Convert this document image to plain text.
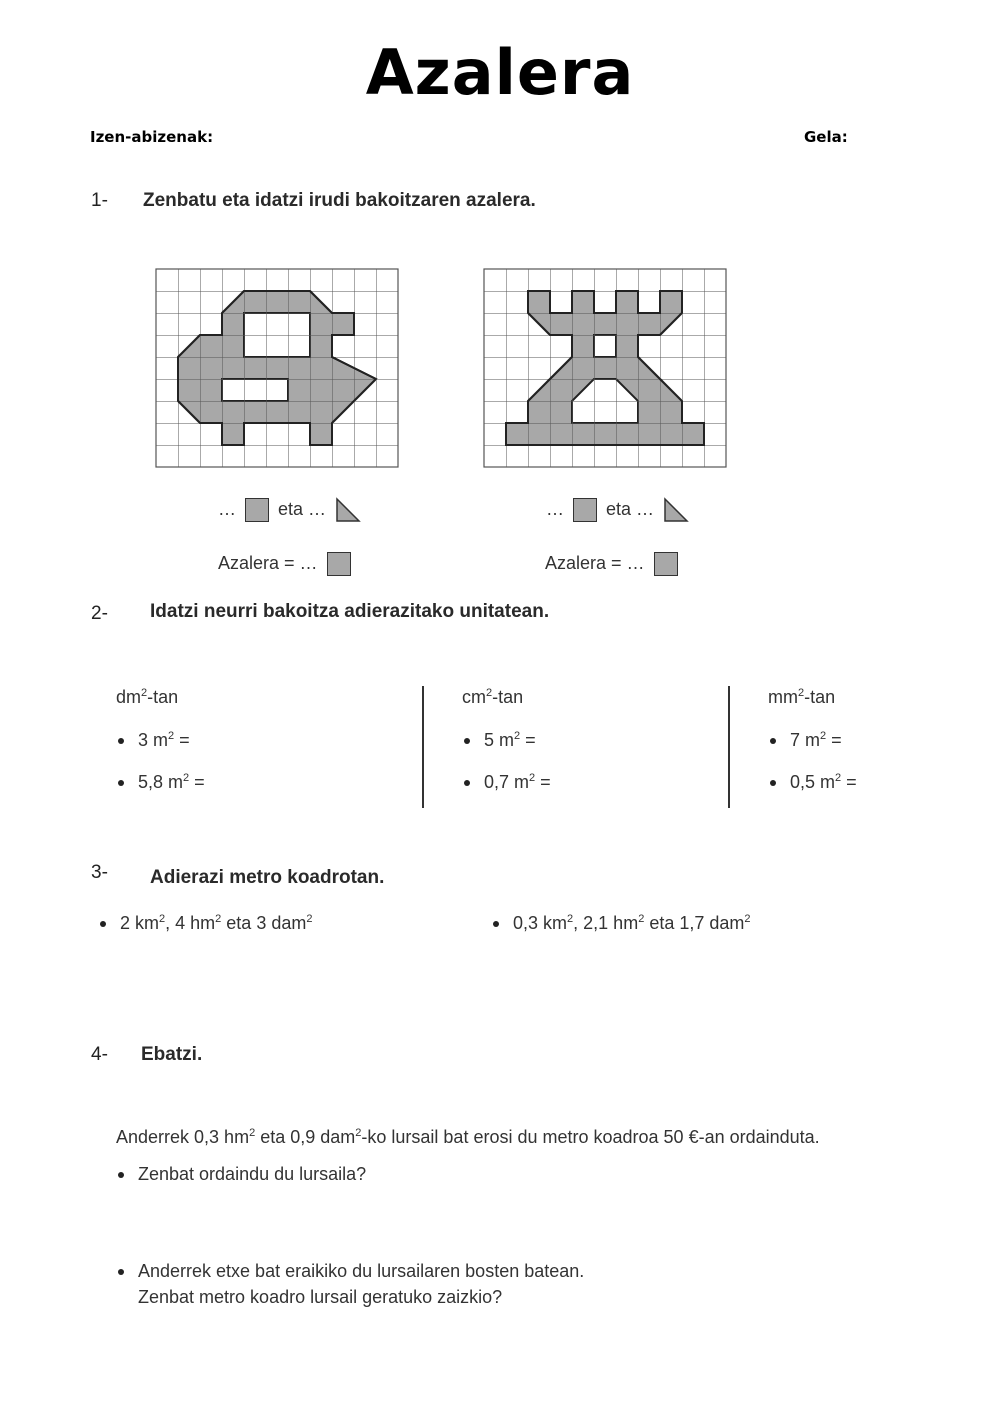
Azalera
Izen-abizenak:	Gela:
1- Zenbatu eta idatzi irudi bakoitzaren azalera.
… eta …
Azalera = …
… eta …
Azalera = …
2- Idatzi neurri bakoitza adierazitako unitatean.
$dm^2-\tan$
3 $m^2$ =
5,8 $m^2$ =
$cm^2-\tan$
5 $m^2$ =
0,7 $m^2$ =
$mm^2-\tan$
7 $m^2$ =
0,5 $m^2$ =
3- Adierazi metro koadrotan.
2 $km^2$, 4 $hm^2$ eta 3 dam$^2$	0,3 $km^2$, 2,1 $hm^2$ eta 1,7 dam$^2$
4- Ebatzi.
Anderrek 0,3 $hm^2$ eta 0,9 dam$^2$-ko lursail bat erosi du metro koadroa 50 €-an ordainduta.
Zenbat ordaindu du lursaila?
Anderrek etxe bat eraikiko du lursailaren bosten batean.
Zenbat metro koadro lursail geratuko zaizkio?
